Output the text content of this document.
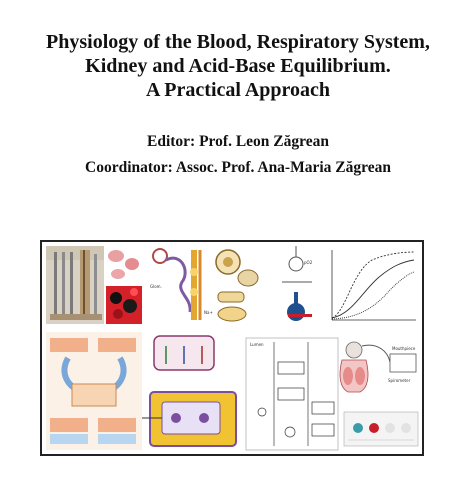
Physiology of the Blood, Respiratory System,
Kidney and Acid-Base Equilibrium.
A Practical Approach
Editor: Prof. Leon Zăgrean
Coordinator: Assoc. Prof. Ana-Maria Zăgrean
Glom.
Na+
pO2
Lumen
Mouthpiece
Spirometer
